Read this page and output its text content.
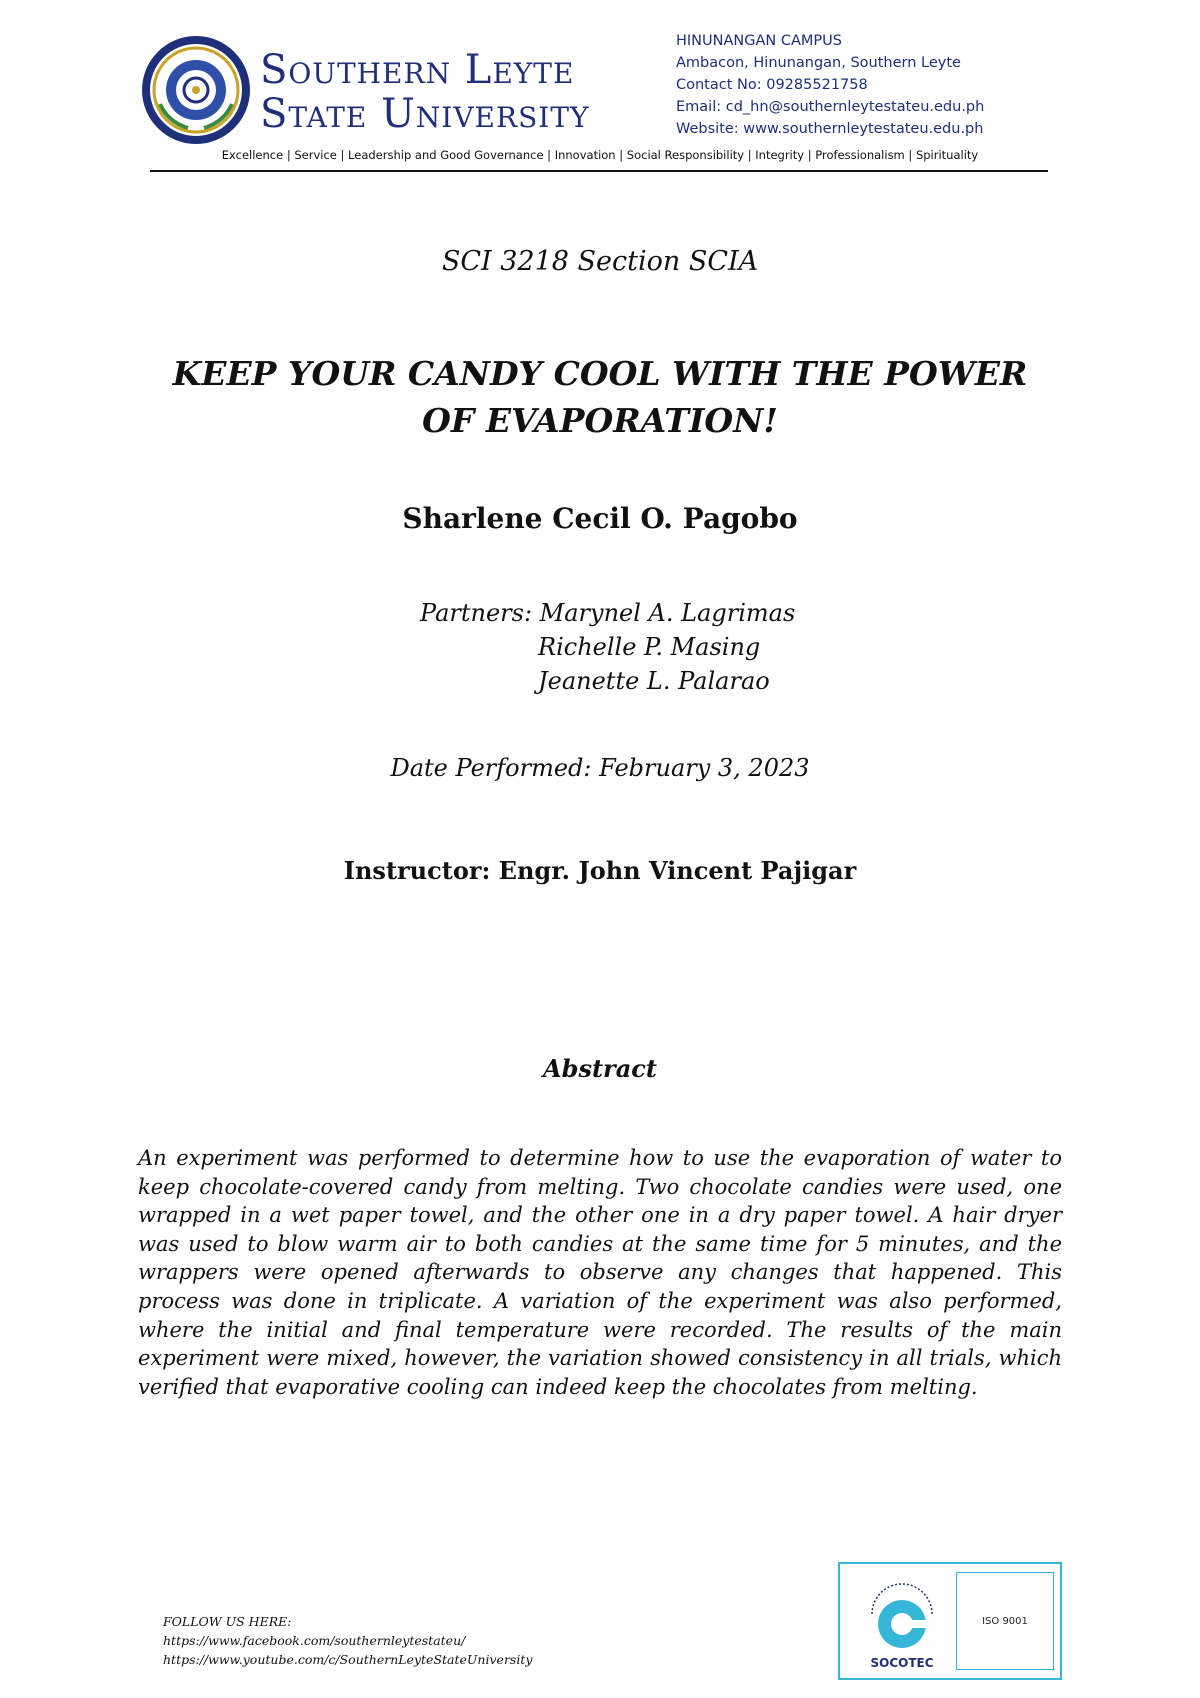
Southern Leyte
State University
HINUNANGAN CAMPUS
Ambacon, Hinunangan, Southern Leyte
Contact No: 09285521758
Email: cd_hn@southernleytestateu.edu.ph
Website: www.southernleytestateu.edu.ph
Excellence | Service | Leadership and Good Governance | Innovation | Social Responsibility | Integrity | Professionalism | Spirituality
SCI 3218 Section SCIA
KEEP YOUR CANDY COOL WITH THE POWER OF EVAPORATION!
Sharlene Cecil O. Pagobo
Partners: Marynel A. Lagrimas
Richelle P. Masing
Jeanette L. Palarao
Date Performed: February 3, 2023
Instructor: Engr. John Vincent Pajigar
Abstract
An experiment was performed to determine how to use the evaporation of water to keep chocolate-covered candy from melting. Two chocolate candies were used, one wrapped in a wet paper towel, and the other one in a dry paper towel. A hair dryer was used to blow warm air to both candies at the same time for 5 minutes, and the wrappers were opened afterwards to observe any changes that happened. This process was done in triplicate. A variation of the experiment was also performed, where the initial and final temperature were recorded. The results of the main experiment were mixed, however, the variation showed consistency in all trials, which verified that evaporative cooling can indeed keep the chocolates from melting.
FOLLOW US HERE:
https://www.facebook.com/southernleytestateu/
https://www.youtube.com/c/SouthernLeyteStateUniversity	SOCOTEC
ISO 9001
